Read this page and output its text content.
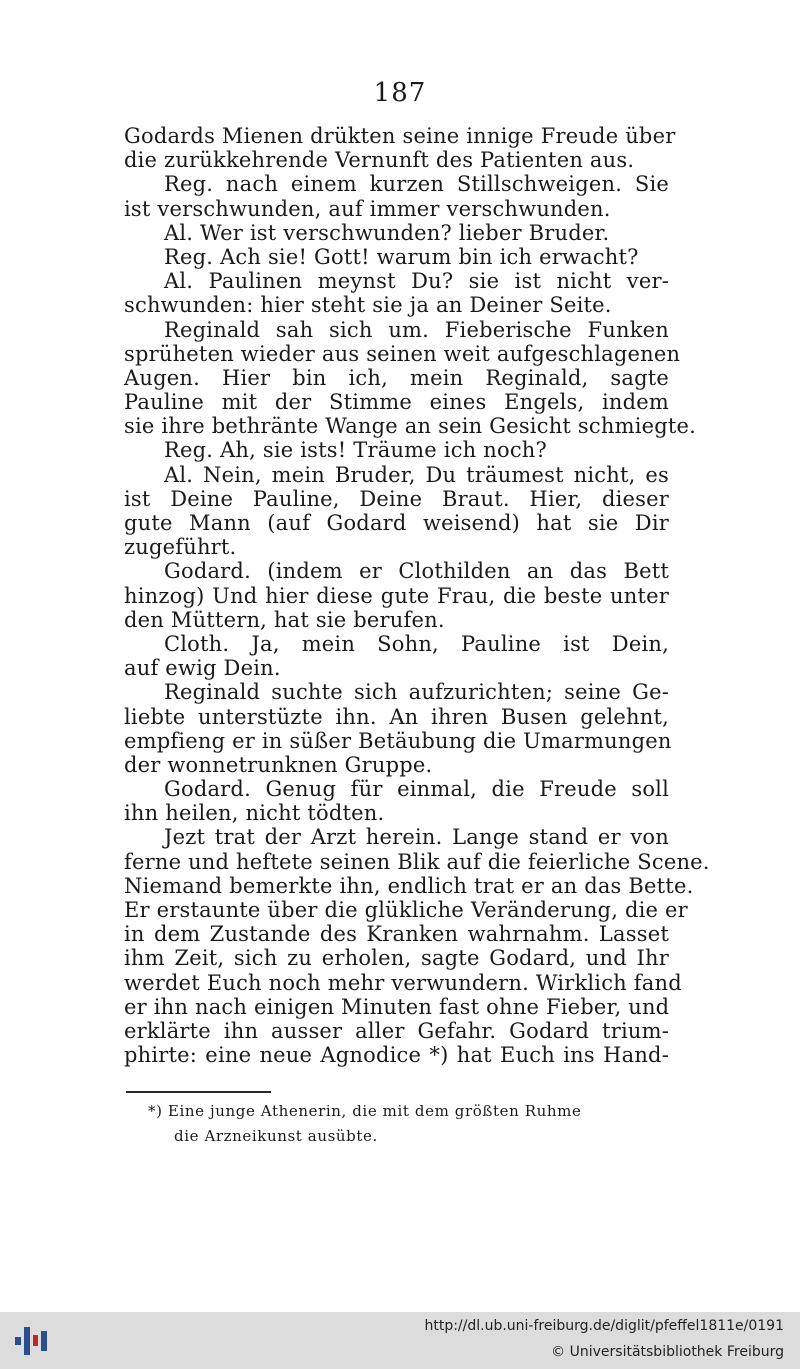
187
Godards Mienen drükten seine innige Freude über
die zurükkehrende Vernunft des Patienten aus.
Reg. nach einem kurzen Stillschweigen. Sie
ist verschwunden, auf immer verschwunden.
Al. Wer ist verschwunden? lieber Bruder.
Reg. Ach sie! Gott! warum bin ich erwacht?
Al. Paulinen meynst Du? sie ist nicht ver-
schwunden: hier steht sie ja an Deiner Seite.
Reginald sah sich um. Fieberische Funken
sprüheten wieder aus seinen weit aufgeschlagenen
Augen. Hier bin ich, mein Reginald, sagte
Pauline mit der Stimme eines Engels, indem
sie ihre bethränte Wange an sein Gesicht schmiegte.
Reg. Ah, sie ists! Träume ich noch?
Al. Nein, mein Bruder, Du träumest nicht, es
ist Deine Pauline, Deine Braut. Hier, dieser
gute Mann (auf Godard weisend) hat sie Dir
zugeführt.
Godard. (indem er Clothilden an das Bett
hinzog) Und hier diese gute Frau, die beste unter
den Müttern, hat sie berufen.
Cloth. Ja, mein Sohn, Pauline ist Dein,
auf ewig Dein.
Reginald suchte sich aufzurichten; seine Ge-
liebte unterstüzte ihn. An ihren Busen gelehnt,
empfieng er in süßer Betäubung die Umarmungen
der wonnetrunknen Gruppe.
Godard. Genug für einmal, die Freude soll
ihn heilen, nicht tödten.
Jezt trat der Arzt herein. Lange stand er von
ferne und heftete seinen Blik auf die feierliche Scene.
Niemand bemerkte ihn, endlich trat er an das Bette.
Er erstaunte über die glükliche Veränderung, die er
in dem Zustande des Kranken wahrnahm. Lasset
ihm Zeit, sich zu erholen, sagte Godard, und Ihr
werdet Euch noch mehr verwundern. Wirklich fand
er ihn nach einigen Minuten fast ohne Fieber, und
erklärte ihn ausser aller Gefahr. Godard trium-
phirte: eine neue Agnodice *) hat Euch ins Hand-
*) Eine junge Athenerin, die mit dem größten Ruhme
die Arzneikunst ausübte.
http://dl.ub.uni-freiburg.de/diglit/pfeffel1811e/0191
© Universitätsbibliothek Freiburg
